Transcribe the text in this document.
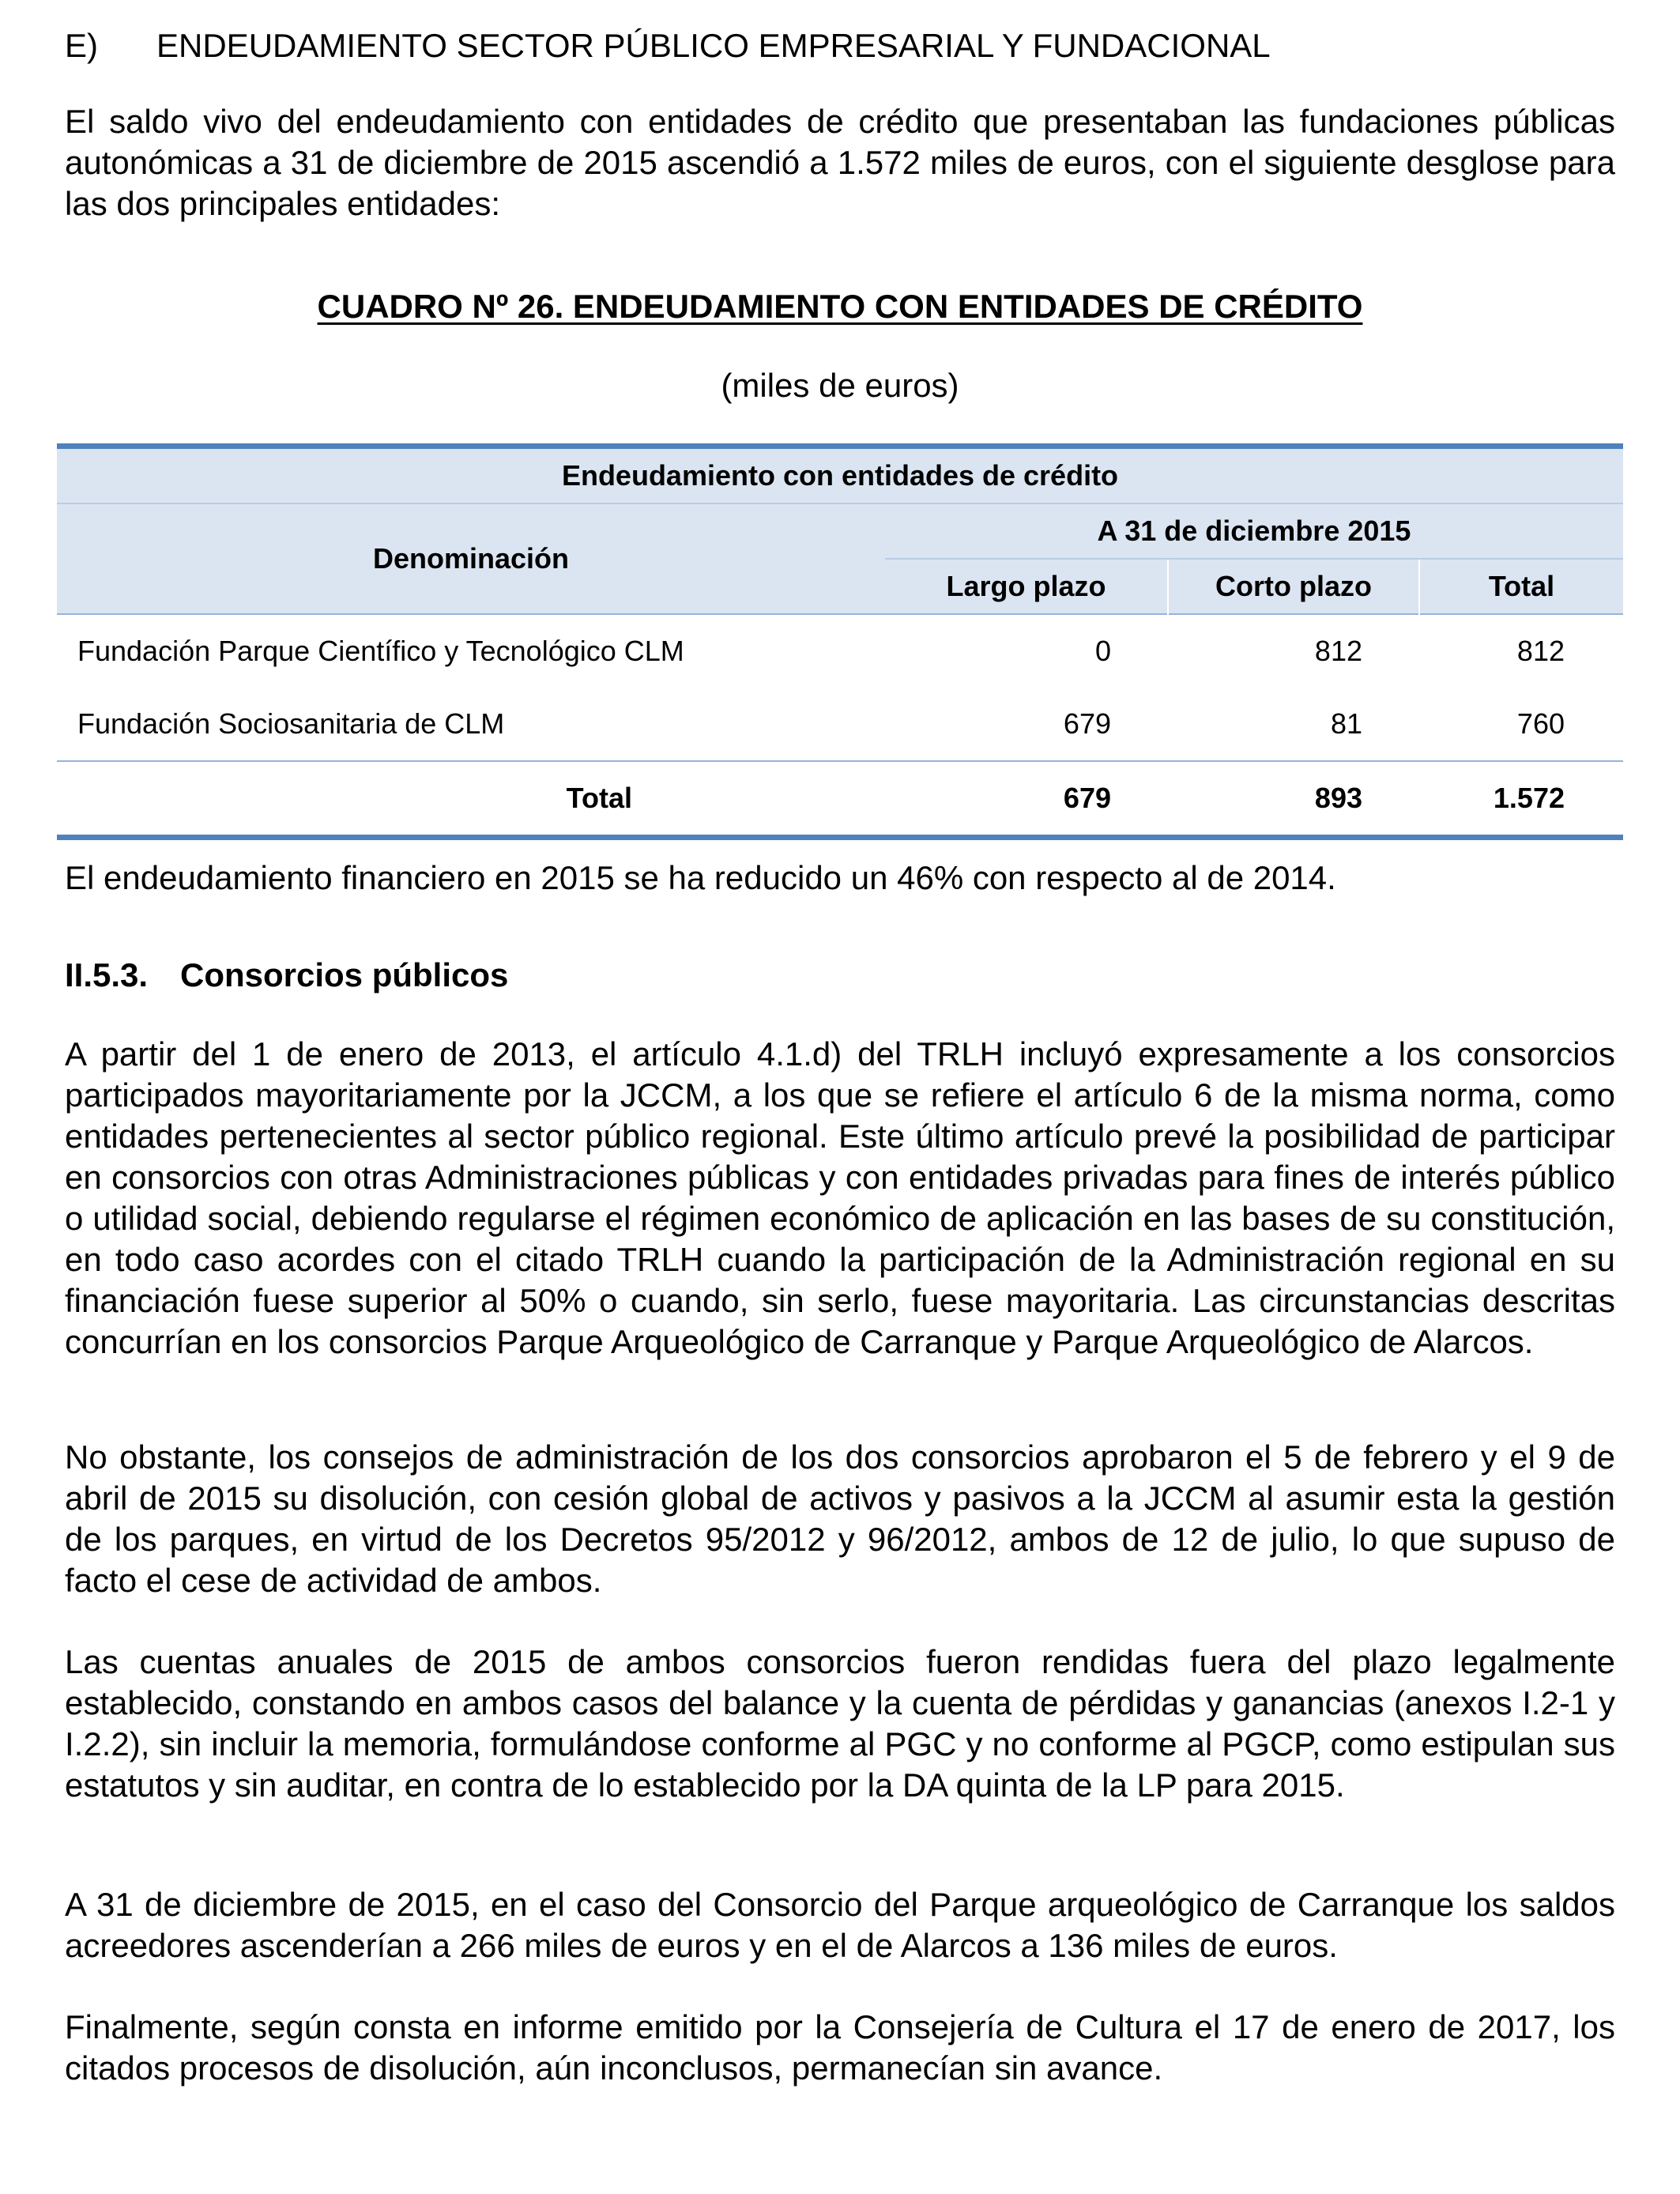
E) ENDEUDAMIENTO SECTOR PÚBLICO EMPRESARIAL Y FUNDACIONAL

El saldo vivo del endeudamiento con entidades de crédito que presentaban las fundaciones públicas autonómicas a 31 de diciembre de 2015 ascendió a 1.572 miles de euros, con el siguiente desglose para las dos principales entidades:

CUADRO Nº 26. ENDEUDAMIENTO CON ENTIDADES DE CRÉDITO
(miles de euros)
Endeudamiento con entidades de crédito			
Denominación	A 31 de diciembre 2015		
	Largo plazo	Corto plazo	Total
Fundación Parque Científico y Tecnológico CLM	0	812	812
Fundación Sociosanitaria de CLM	679	81	760
Total	679	893	1.572

El endeudamiento financiero en 2015 se ha reducido un 46% con respecto al de 2014.

II.5.3. Consorcios públicos

A partir del 1 de enero de 2013, el artículo 4.1.d) del TRLH incluyó expresamente a los consorcios participados mayoritariamente por la JCCM, a los que se refiere el artículo 6 de la misma norma, como entidades pertenecientes al sector público regional. Este último artículo prevé la posibilidad de participar en consorcios con otras Administraciones públicas y con entidades privadas para fines de interés público o utilidad social, debiendo regularse el régimen económico de aplicación en las bases de su constitución, en todo caso acordes con el citado TRLH cuando la participación de la Administración regional en su financiación fuese superior al 50% o cuando, sin serlo, fuese mayoritaria. Las circunstancias descritas concurrían en los consorcios Parque Arqueológico de Carranque y Parque Arqueológico de Alarcos.

No obstante, los consejos de administración de los dos consorcios aprobaron el 5 de febrero y el 9 de abril de 2015 su disolución, con cesión global de activos y pasivos a la JCCM al asumir esta la gestión de los parques, en virtud de los Decretos 95/2012 y 96/2012, ambos de 12 de julio, lo que supuso de facto el cese de actividad de ambos.

Las cuentas anuales de 2015 de ambos consorcios fueron rendidas fuera del plazo legalmente establecido, constando en ambos casos del balance y la cuenta de pérdidas y ganancias (anexos I.2-1 y I.2.2), sin incluir la memoria, formulándose conforme al PGC y no conforme al PGCP, como estipulan sus estatutos y sin auditar, en contra de lo establecido por la DA quinta de la LP para 2015.

A 31 de diciembre de 2015, en el caso del Consorcio del Parque arqueológico de Carranque los saldos acreedores ascenderían a 266 miles de euros y en el de Alarcos a 136 miles de euros.

Finalmente, según consta en informe emitido por la Consejería de Cultura el 17 de enero de 2017, los citados procesos de disolución, aún inconclusos, permanecían sin avance.
